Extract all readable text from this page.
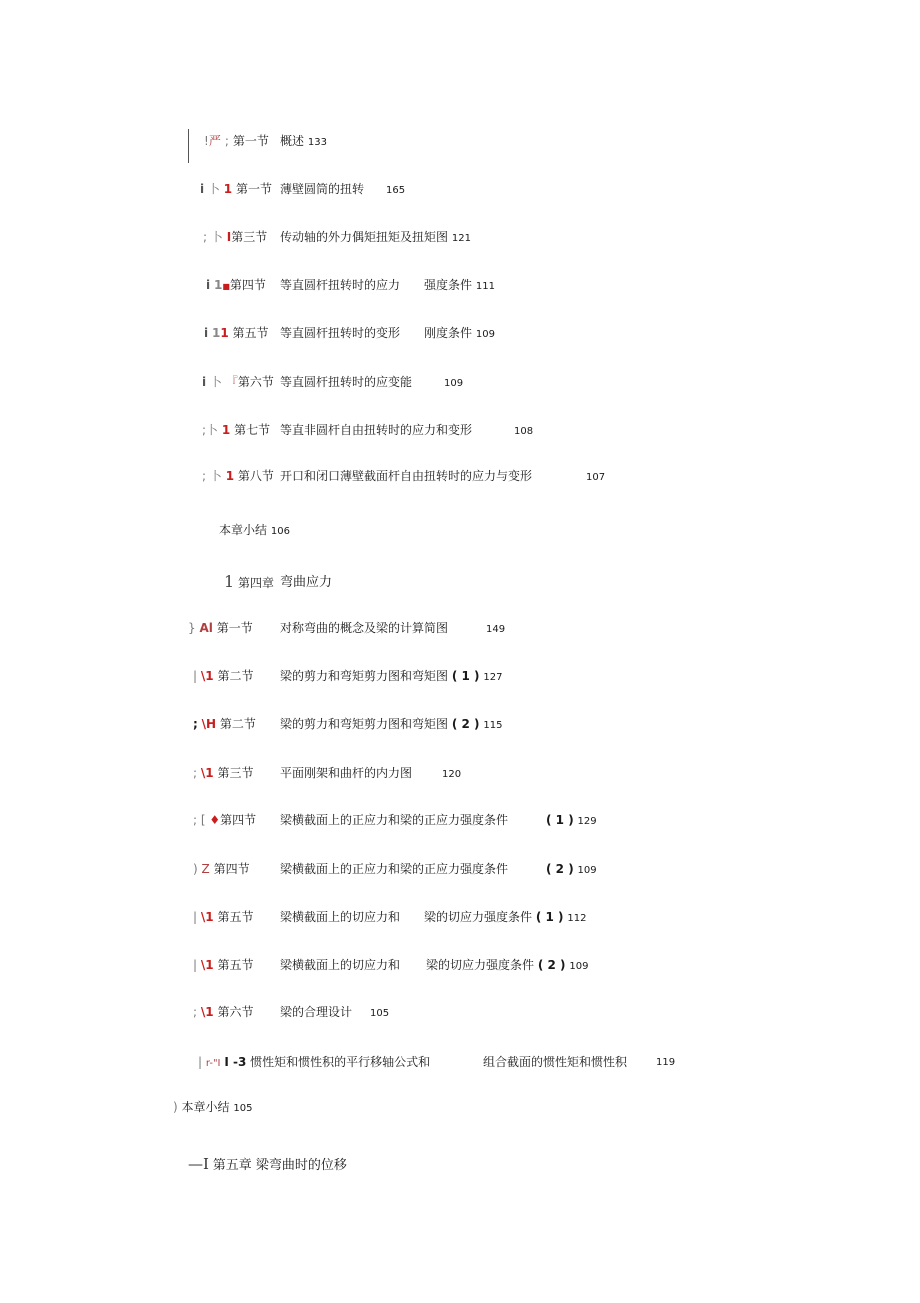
!严 ; 第一节 概述 133
i 卜 1 第一节 薄壁圆筒的扭转 165
; 卜 I第三节 传动轴的外力偶矩扭矩及扭矩图 121
i 1■第四节 等直圆杆扭转时的应力 强度条件 111
i 11 第五节 等直圆杆扭转时的变形 刚度条件 109
i 卜 『第六节 等直圆杆扭转时的应变能	109
;卜 1 第七节 等直非圆杆自由扭转时的应力和变形	108
; 卜 1 第八节 开口和闭口薄壁截面杆自由扭转时的应力与变形	107
本章小结 106
1 第四章 弯曲应力
} Al 第一节 对称弯曲的概念及梁的计算简图	149
| \1 第二节 梁的剪力和弯矩剪力图和弯矩图 ( 1 ) 127
; \H 第二节 梁的剪力和弯矩剪力图和弯矩图 ( 2 ) 115
; \1 第三节 平面刚架和曲杆的内力图	120
; [ ♦第四节 梁横截面上的正应力和梁的正应力强度条件	( 1 ) 129
) Z 第四节	梁横截面上的正应力和梁的正应力强度条件	( 2 ) 109
| \1 第五节 梁横截面上的切应力和 梁的切应力强度条件 ( 1 ) 112
| \1 第五节 梁横截面上的切应力和 梁的切应力强度条件 ( 2 ) 109
; \1 第六节 梁的合理设计 105
| r-"I I -3 惯性矩和惯性积的平行移轴公式和	组合截面的惯性矩和惯性积	119
) 本章小结 105
—I 第五章 梁弯曲时的位移
